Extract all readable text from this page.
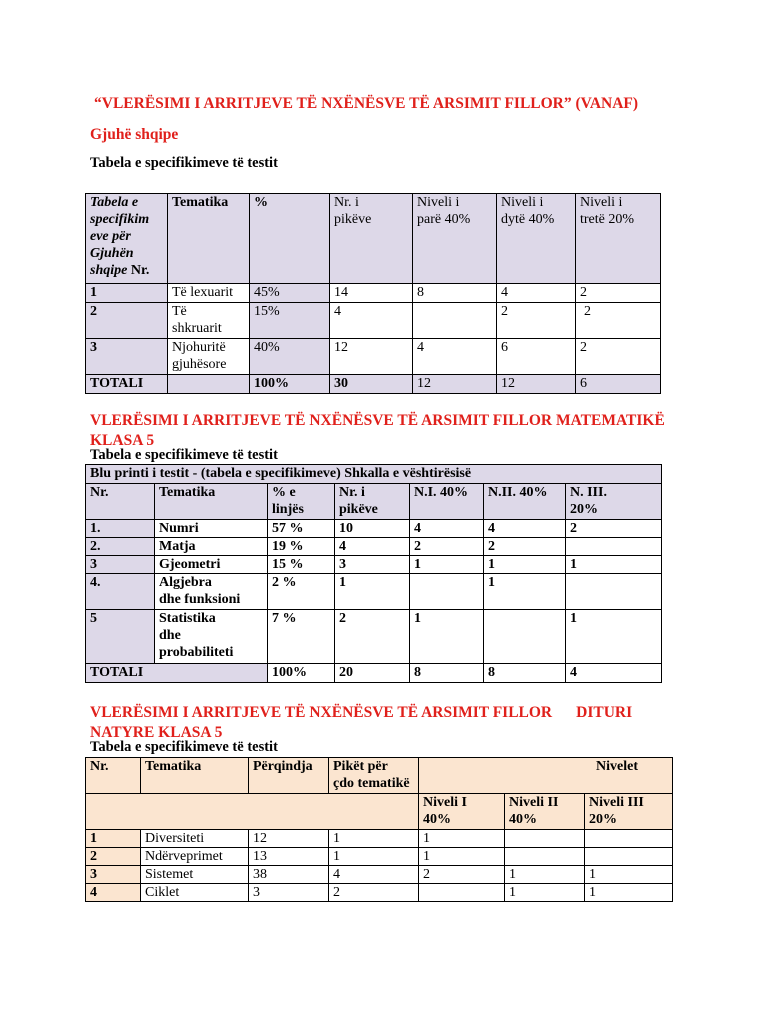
“VLERËSIMI I ARRITJEVE TË NXËNËSVE TË ARSIMIT FILLOR” (VANAF)
Gjuhë shqipe
Tabela e specifikimeve të testit
Tabela e
specifikim
eve për
Gjuhën
shqipe Nr.	Tematika	%	Nr. i
pikëve	Niveli i
parë 40%	Niveli i
dytë 40%	Niveli i
tretë 20%
1	Të lexuarit	45%	14	8	4	2
2	Të
shkruarit	15%	4		2	2
3	Njohuritë
gjuhësore	40%	12	4	6	2
TOTALI		100%	30	12	12	6
VLERËSIMI I ARRITJEVE TË NXËNËSVE TË ARSIMIT FILLOR MATEMATIKË
KLASA 5
Tabela e specifikimeve të testit
Blu printi i testit - (tabela e specifikimeve) Shkalla e vështirësisë						
Nr.	Tematika	% e
linjës	Nr. i
pikëve	N.I. 40%	N.II. 40%	N. III.
20%
1.	Numri	57 %	10	4	4	2
2.	Matja	19 %	4	2	2	
3	Gjeometri	15 %	3	1	1	1
4.	Algjebra
dhe funksioni	2 %	1		1	
5	Statistika
dhe
probabiliteti	7 %	2	1		1
TOTALI		100%	20	8	8	4
VLERËSIMI I ARRITJEVE TË NXËNËSVE TË ARSIMIT FILLOR DITURI
NATYRE KLASA 5
Tabela e specifikimeve të testit
Nr.	Tematika	Përqindja	Pikët për
çdo tematikë	Nivelet		
				Niveli I
40%	Niveli II
40%	Niveli III
20%
1	Diversiteti	12	1	1		
2	Ndërveprimet	13	1	1		
3	Sistemet	38	4	2	1	1
4	Ciklet	3	2		1	1
